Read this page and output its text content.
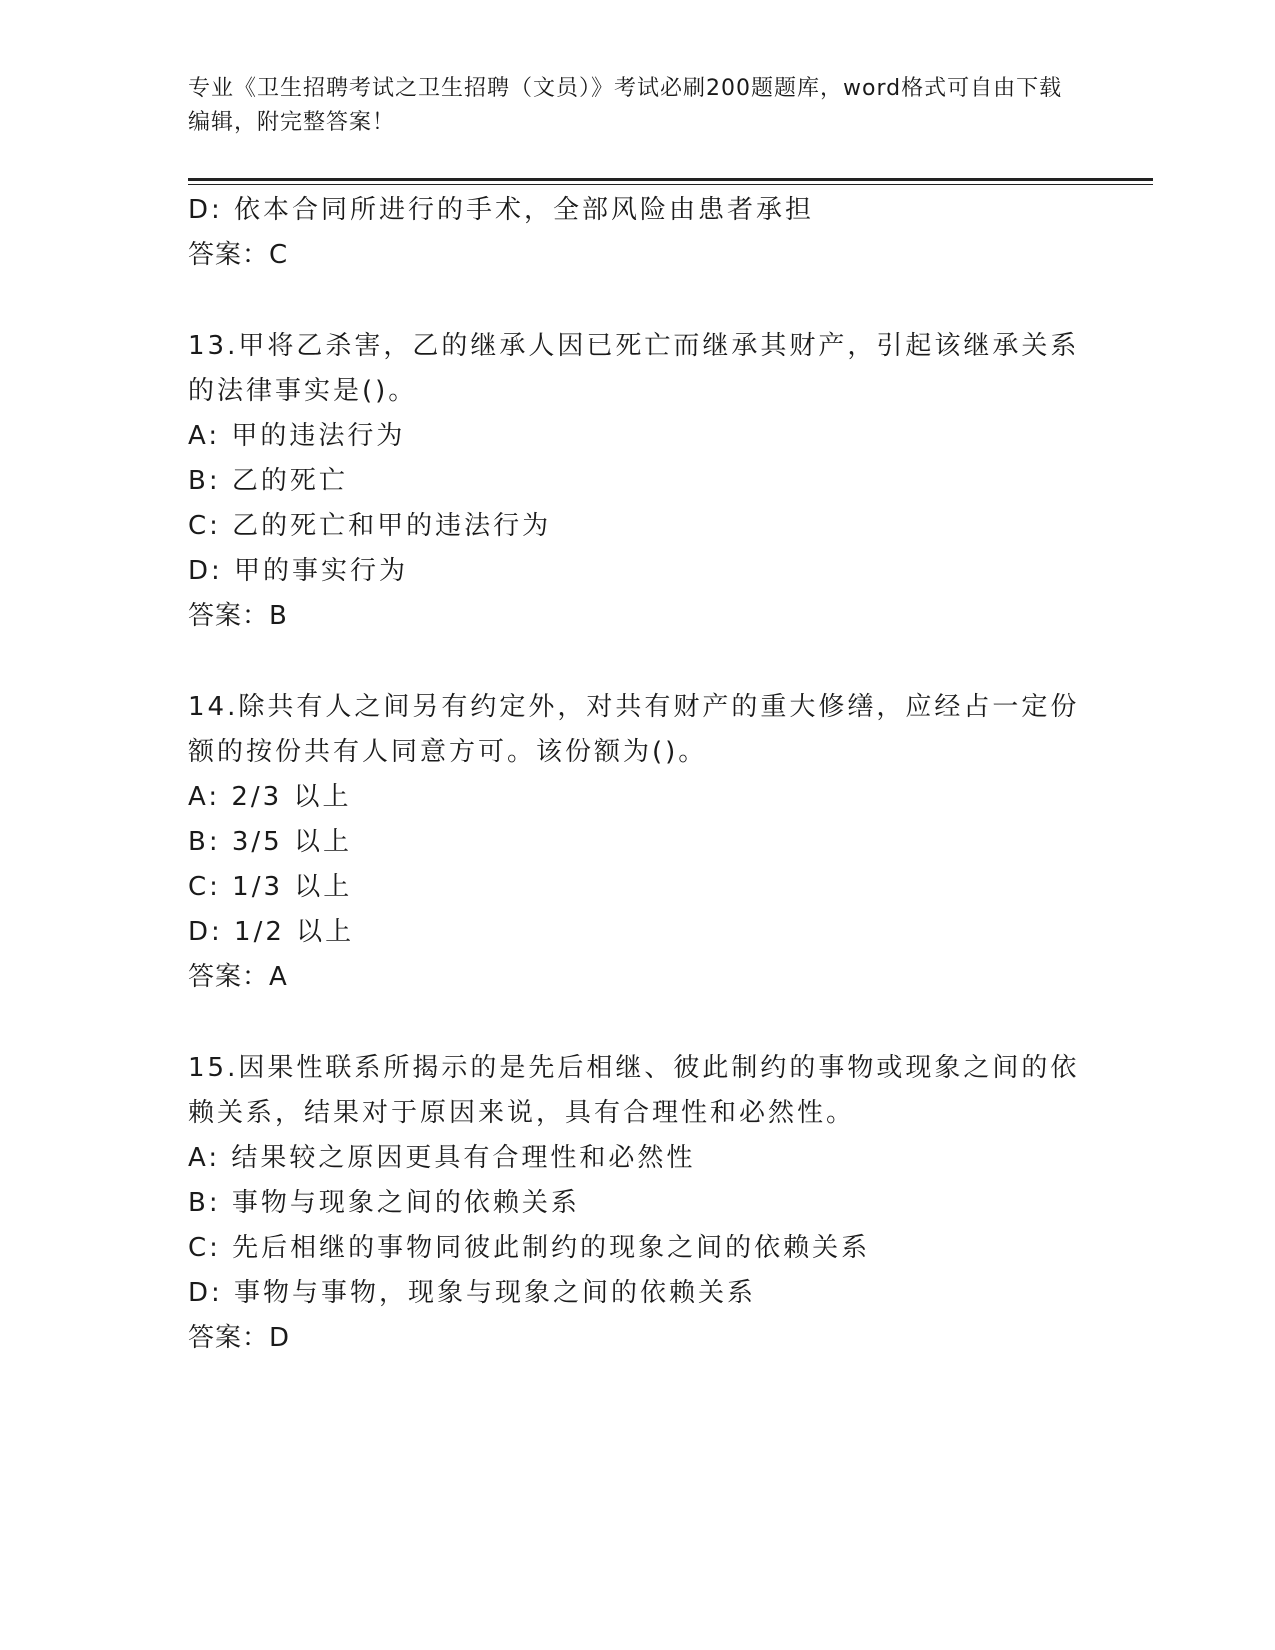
专业《卫生招聘考试之卫生招聘（文员）》考试必刷200题题库，word格式可自由下载编辑，附完整答案！
D: 依本合同所进行的手术，全部风险由患者承担
答案：C
13.甲将乙杀害，乙的继承人因已死亡而继承其财产，引起该继承关系的法律事实是()。
A: 甲的违法行为
B: 乙的死亡
C: 乙的死亡和甲的违法行为
D: 甲的事实行为
答案：B
14.除共有人之间另有约定外，对共有财产的重大修缮，应经占一定份额的按份共有人同意方可。该份额为()。
A: 2/3 以上
B: 3/5 以上
C: 1/3 以上
D: 1/2 以上
答案：A
15.因果性联系所揭示的是先后相继、彼此制约的事物或现象之间的依赖关系，结果对于原因来说，具有合理性和必然性。
A: 结果较之原因更具有合理性和必然性
B: 事物与现象之间的依赖关系
C: 先后相继的事物同彼此制约的现象之间的依赖关系
D: 事物与事物，现象与现象之间的依赖关系
答案：D
